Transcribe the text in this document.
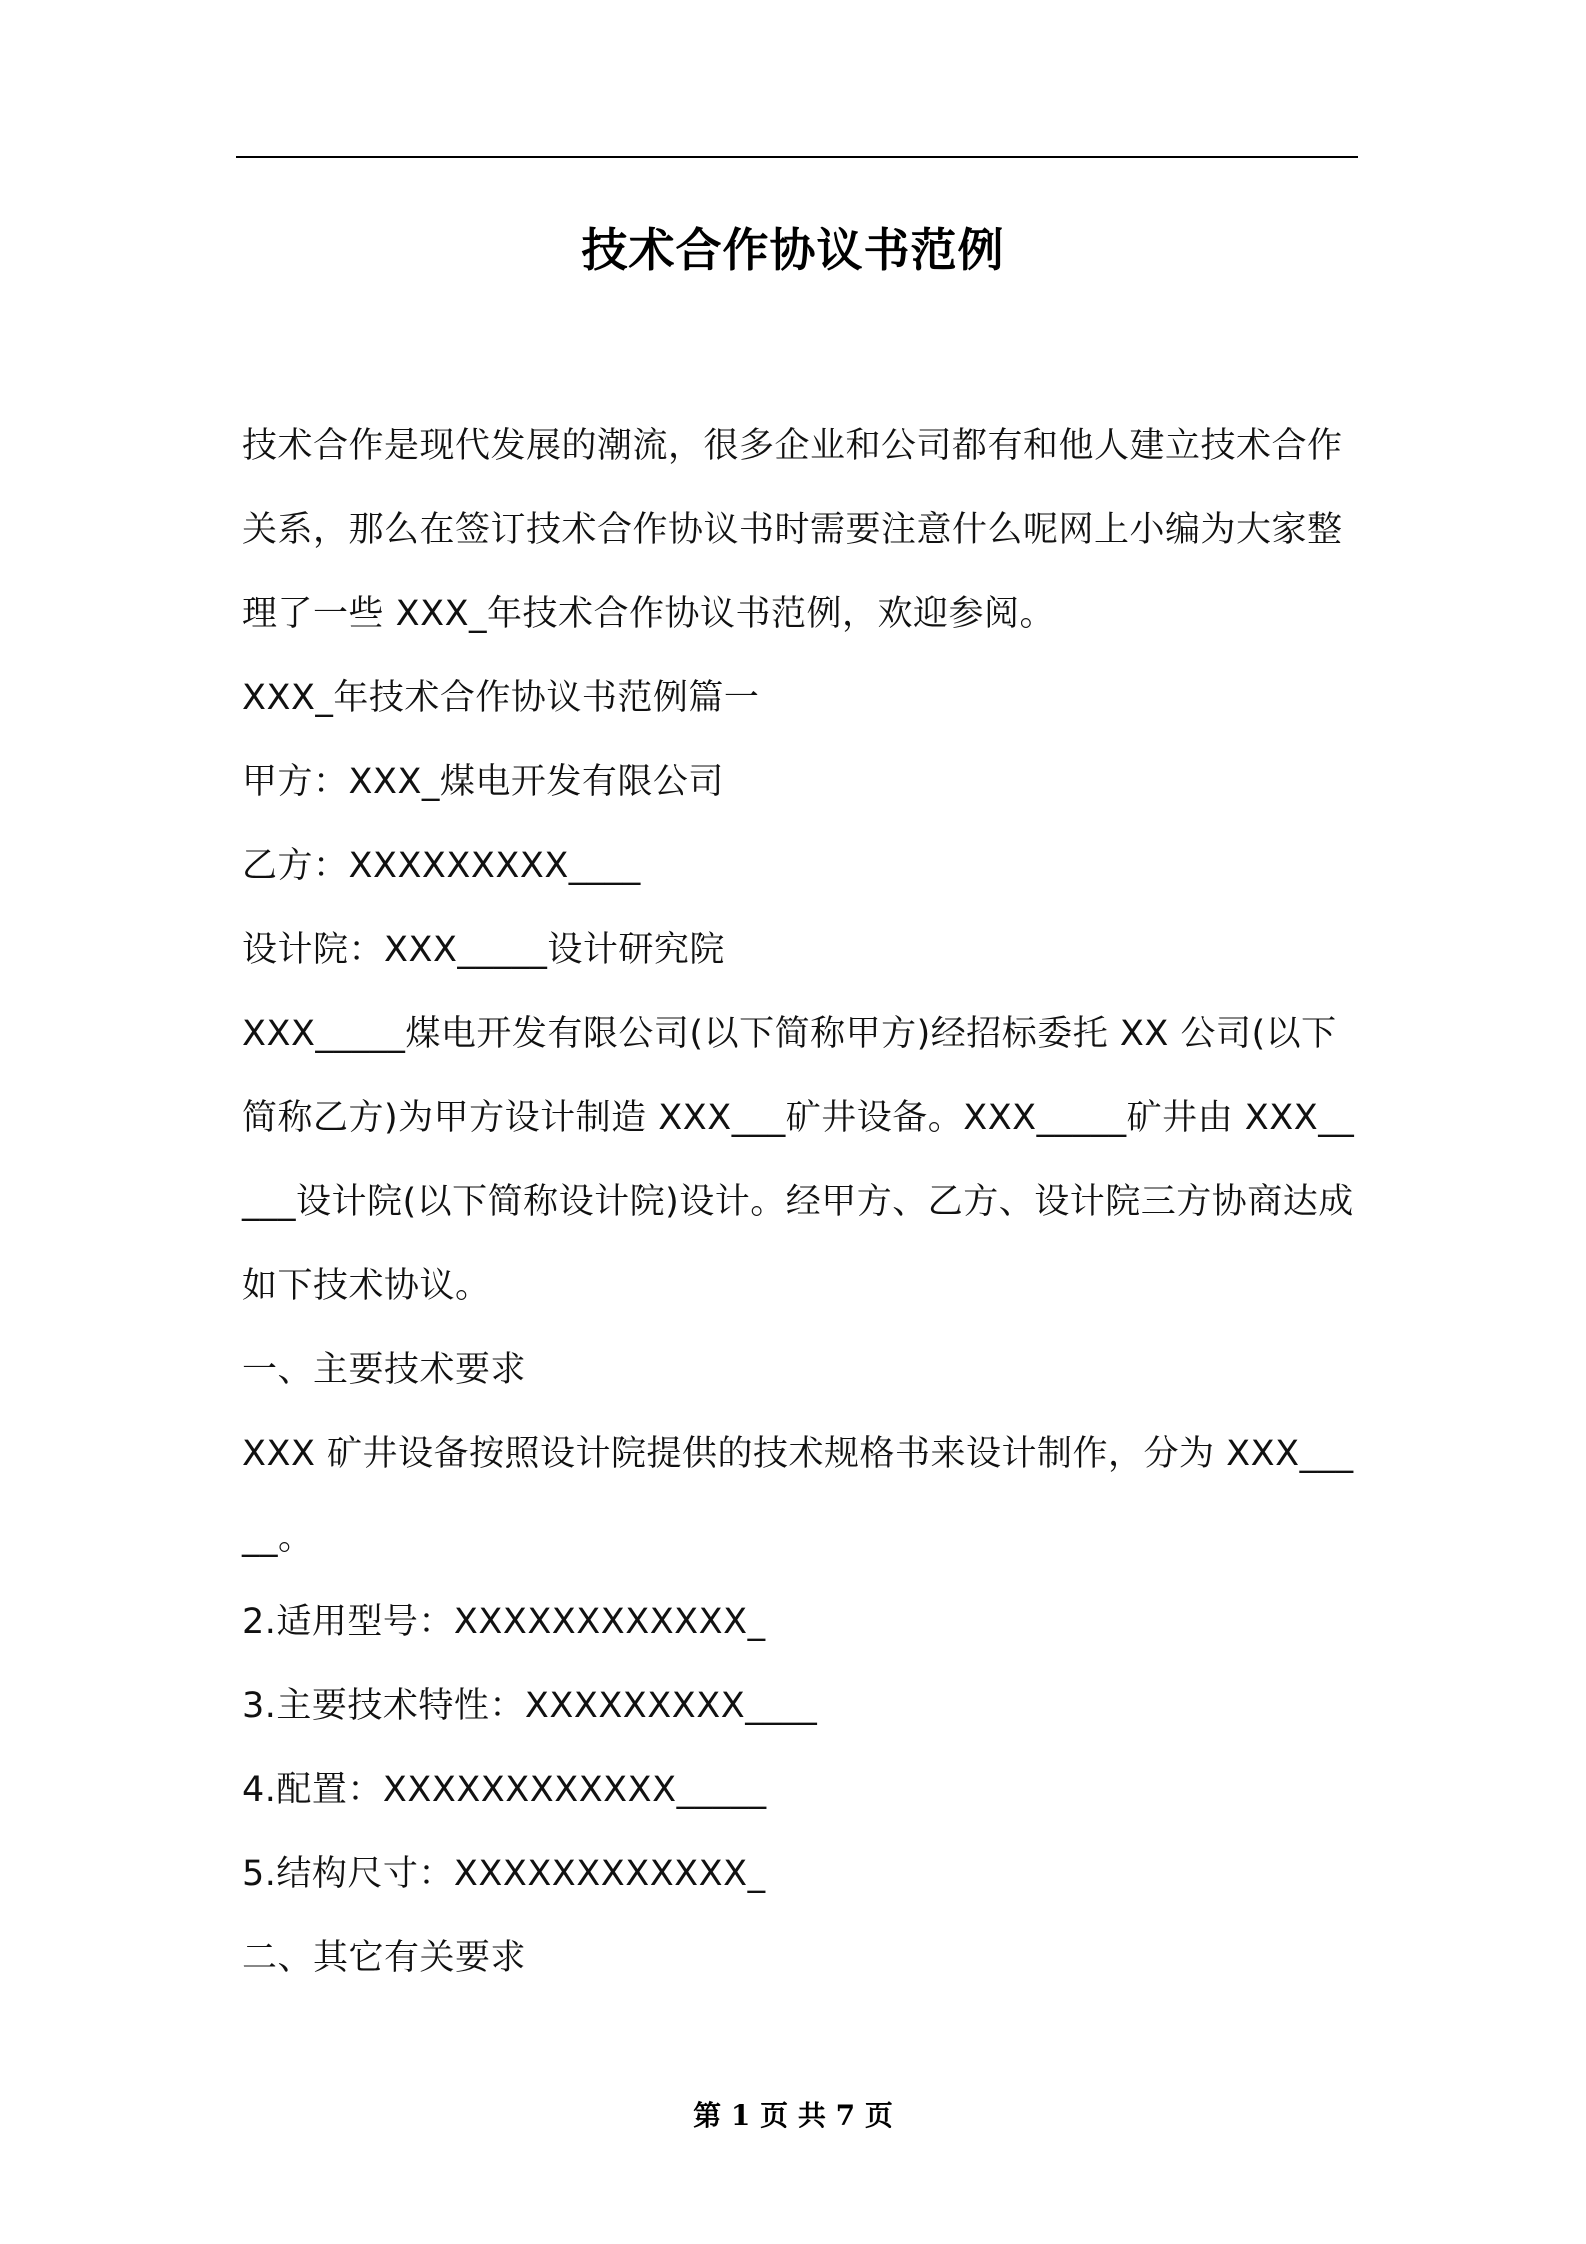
技术合作协议书范例

技术合作是现代发展的潮流，很多企业和公司都有和他人建立技术合作关系，那么在签订技术合作协议书时需要注意什么呢网上小编为大家整理了一些 XXX_年技术合作协议书范例，欢迎参阅。

XXX_年技术合作协议书范例篇一

甲方：XXX_煤电开发有限公司

乙方：XXXXXXXXX____

设计院：XXX_____设计研究院

XXX_____煤电开发有限公司(以下简称甲方)经招标委托 XX 公司(以下简称乙方)为甲方设计制造 XXX___矿井设备。XXX_____矿井由 XXX_____设计院(以下简称设计院)设计。经甲方、乙方、设计院三方协商达成如下技术协议。

一、主要技术要求

XXX 矿井设备按照设计院提供的技术规格书来设计制作，分为 XXX_____。

2.适用型号：XXXXXXXXXXXX_

3.主要技术特性：XXXXXXXXX____

4.配置：XXXXXXXXXXXX_____

5.结构尺寸：XXXXXXXXXXXX_

二、其它有关要求

第 1 页 共 7 页
